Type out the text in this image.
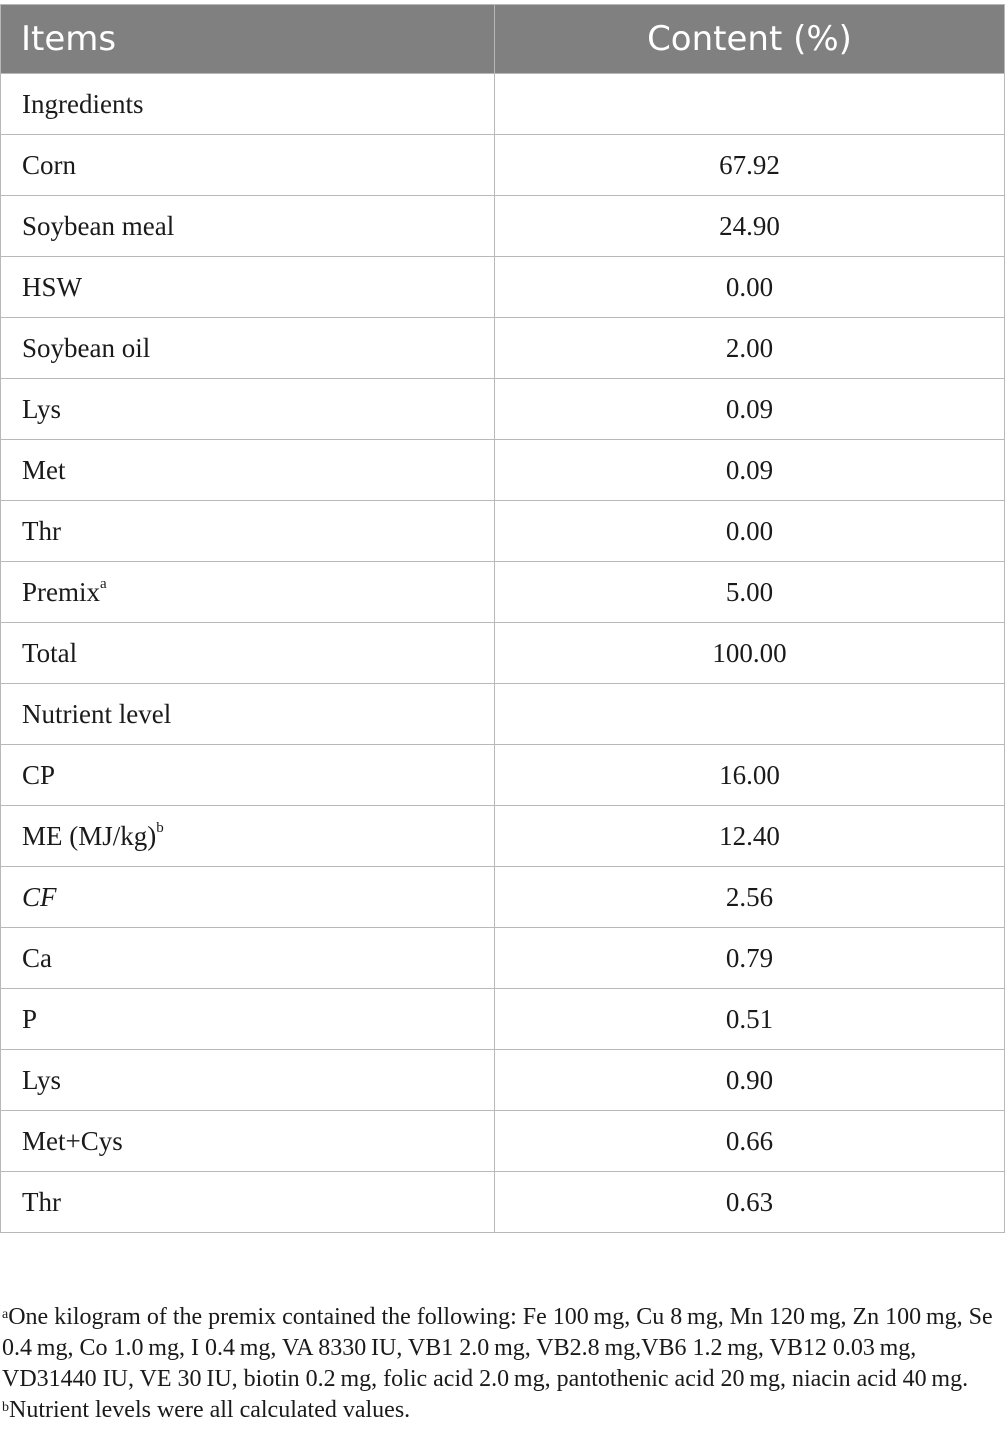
Items	Content (%)
Ingredients	
Corn	67.92
Soybean meal	24.90
HSW	0.00
Soybean oil	2.00
Lys	0.09
Met	0.09
Thr	0.00
Premix$^a$	5.00
Total	100.00
Nutrient level	
CP	16.00
ME $(MJ/kg)^b$	12.40
CF	2.56
Ca	0.79
P	0.51
Lys	0.90
Met+Cys	0.66
Thr	0.63
$^a$One kilogram of the premix contained the following: Fe 100 mg, Cu 8 mg, Mn 120 mg, Zn 100 mg, Se 0.4 mg, Co 1.0 mg, I 0.4 mg, VA 8330 IU, VB1 2.0 mg, VB2.8 mg,VB6 1.2 mg, VB12 0.03 mg, VD31440 IU, VE 30 IU, biotin 0.2 mg, folic acid 2.0 mg, pantothenic acid 20 mg, niacin acid 40 mg. $^b$Nutrient levels were all calculated values.
